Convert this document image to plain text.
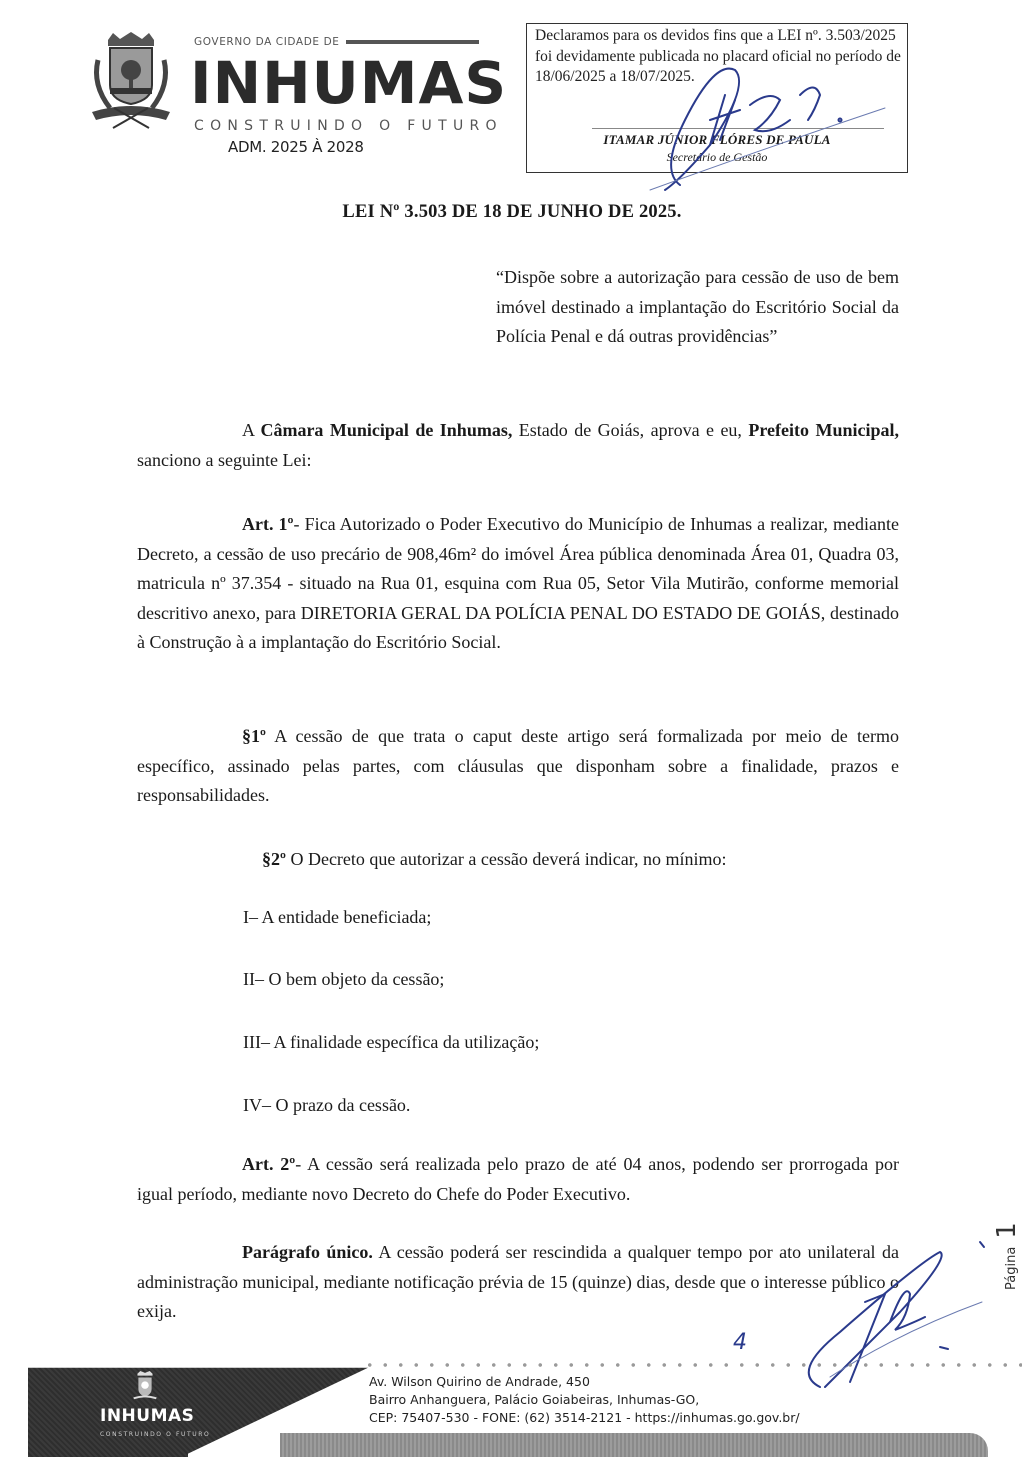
GOVERNO DA CIDADE DE
INHUMAS
CONSTRUINDO O FUTURO
ADM. 2025 À 2028
Declaramos para os devidos fins que a LEI nº. 3.503/2025 foi devidamente publicada no placard oficial no período de 18/06/2025 a 18/07/2025.
ITAMAR JÚNIOR FLÓRES DE PAULA
Secretário de Gestão
LEI Nº 3.503 DE 18 DE JUNHO DE 2025.
“Dispõe sobre a autorização para cessão de uso de bem imóvel destinado a implantação do Escritório Social da Polícia Penal e dá outras providências”
A Câmara Municipal de Inhumas, Estado de Goiás, aprova e eu, Prefeito Municipal, sanciono a seguinte Lei:
Art. 1º- Fica Autorizado o Poder Executivo do Município de Inhumas a realizar, mediante Decreto, a cessão de uso precário de 908,46m² do imóvel Área pública denominada Área 01, Quadra 03, matricula nº 37.354 - situado na Rua 01, esquina com Rua 05, Setor Vila Mutirão, conforme memorial descritivo anexo, para DIRETORIA GERAL DA POLÍCIA PENAL DO ESTADO DE GOIÁS, destinado à Construção à a implantação do Escritório Social.
§1º A cessão de que trata o caput deste artigo será formalizada por meio de termo específico, assinado pelas partes, com cláusulas que disponham sobre a finalidade, prazos e responsabilidades.
§2º O Decreto que autorizar a cessão deverá indicar, no mínimo:
I– A entidade beneficiada;
II– O bem objeto da cessão;
III– A finalidade específica da utilização;
IV– O prazo da cessão.
Art. 2º- A cessão será realizada pelo prazo de até 04 anos, podendo ser prorrogada por igual período, mediante novo Decreto do Chefe do Poder Executivo.
Parágrafo único. A cessão poderá ser rescindida a qualquer tempo por ato unilateral da administração municipal, mediante notificação prévia de 15 (quinze) dias, desde que o interesse público o exija.
4
Página
1
INHUMAS
CONSTRUINDO O FUTURO
Av. Wilson Quirino de Andrade, 450
Bairro Anhanguera, Palácio Goiabeiras, Inhumas-GO,
CEP: 75407-530 - FONE: (62) 3514-2121 - https://inhumas.go.gov.br/
